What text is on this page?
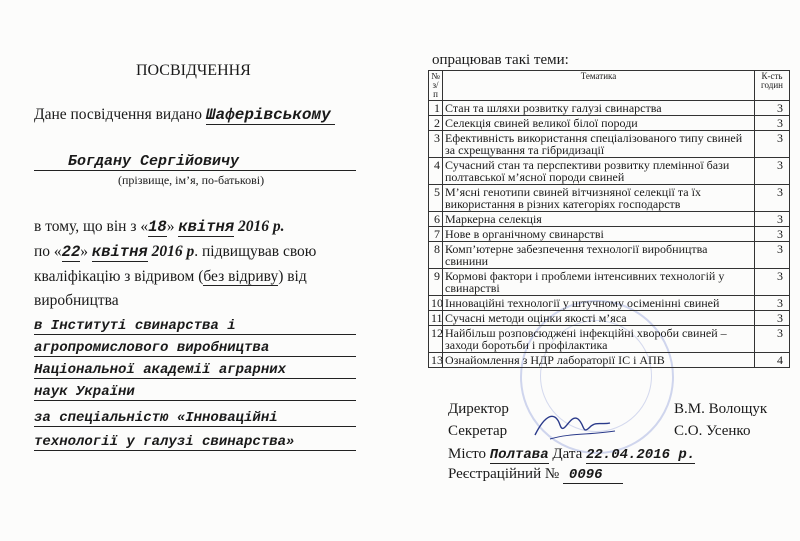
ПОСВІДЧЕННЯ
Дане посвідчення видано Шаферівському
Богдану Сергійовичу
(прізвище, ім’я, по-батькові)
в тому, що він з «18» квітня 2016 р.
по «22» квітня 2016 р. підвищував свою
кваліфікацію з відривом (без відриву) від
виробництва
в Інституті свинарства і
агропромислового виробництва
Національної академії аграрних
наук України
за спеціальністю «Інноваційні
технології у галузі свинарства»
опрацював такі теми:
№ з/п	Тематика	К-сть годин
1	Стан та шляхи розвитку галузі свинарства	3
2	Селекція свиней великої білої породи	3
3	Ефективність використання спеціалізованого типу свиней за схрещування та гібридизації	3
4	Сучасний стан та перспективи розвитку племінної бази полтавської м’ясної породи свиней	3
5	М’ясні генотипи свиней вітчизняної селекції та їх використання в різних категоріях господарств	3
6	Маркерна селекція	3
7	Нове в органічному свинарстві	3
8	Комп’ютерне забезпечення технології виробництва свинини	3
9	Кормові фактори і проблеми інтенсивних технологій у свинарстві	3
10	Інноваційні технології у штучному осіменінні свиней	3
11	Сучасні методи оцінки якості м’яса	3
12	Найбільш розповсюджені інфекційні хвороби свиней – заходи боротьби і профілактика	3
13	Ознайомлення з НДР лабораторії ІС і АПВ	4
Директор	В.М. Волощук
Секретар	С.О. Усенко
Місто Полтава Дата 22.04.2016 р.
Реєстраційний № 0096
